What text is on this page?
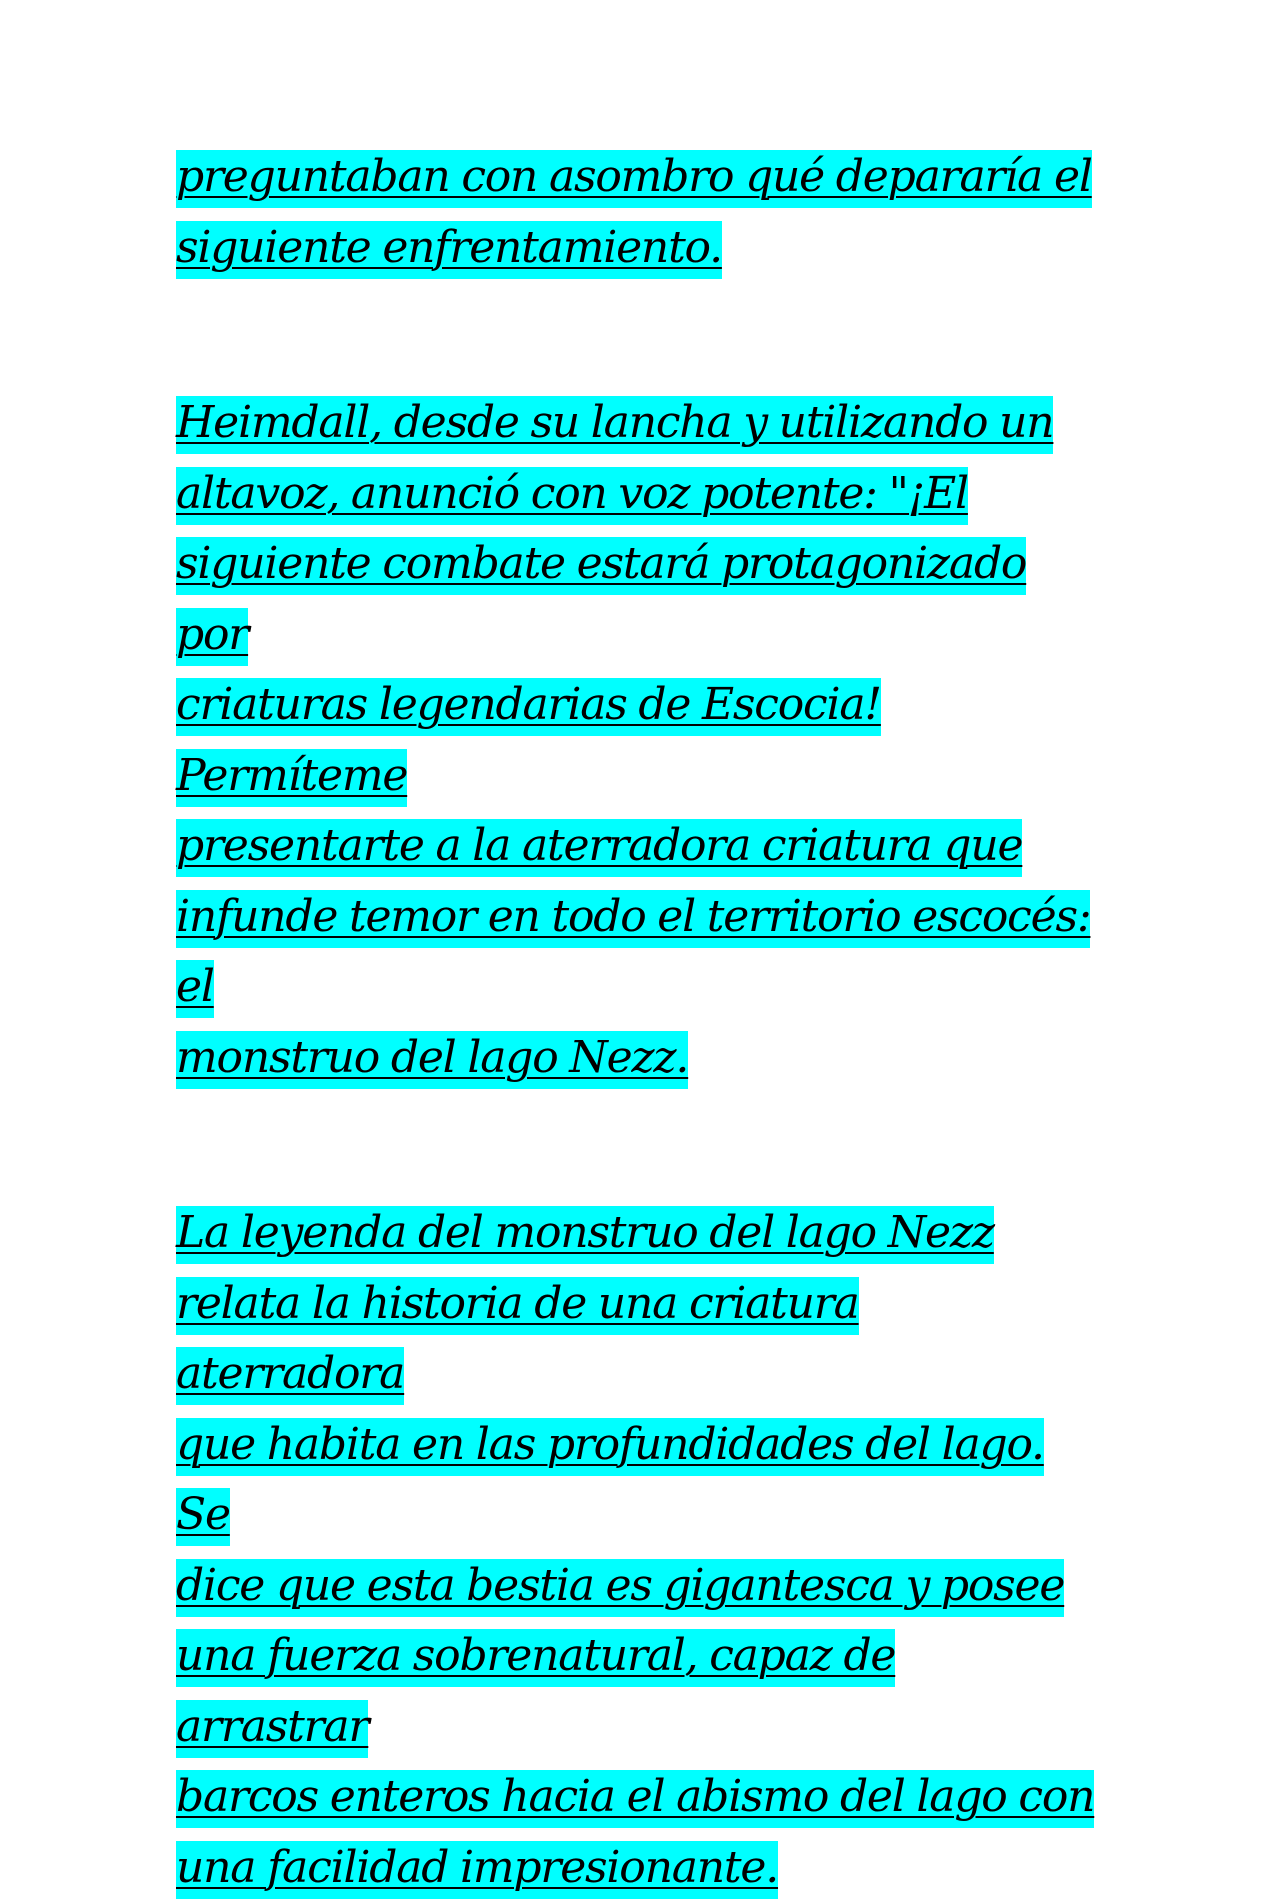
preguntaban con asombro qué depararía el
siguiente enfrentamiento.

Heimdall, desde su lancha y utilizando un
altavoz, anunció con voz potente: "¡El
siguiente combate estará protagonizado por
criaturas legendarias de Escocia! Permíteme
presentarte a la aterradora criatura que
infunde temor en todo el territorio escocés: el
monstruo del lago Nezz.

La leyenda del monstruo del lago Nezz
relata la historia de una criatura aterradora
que habita en las profundidades del lago. Se
dice que esta bestia es gigantesca y posee
una fuerza sobrenatural, capaz de arrastrar
barcos enteros hacia el abismo del lago con
una facilidad impresionante.
